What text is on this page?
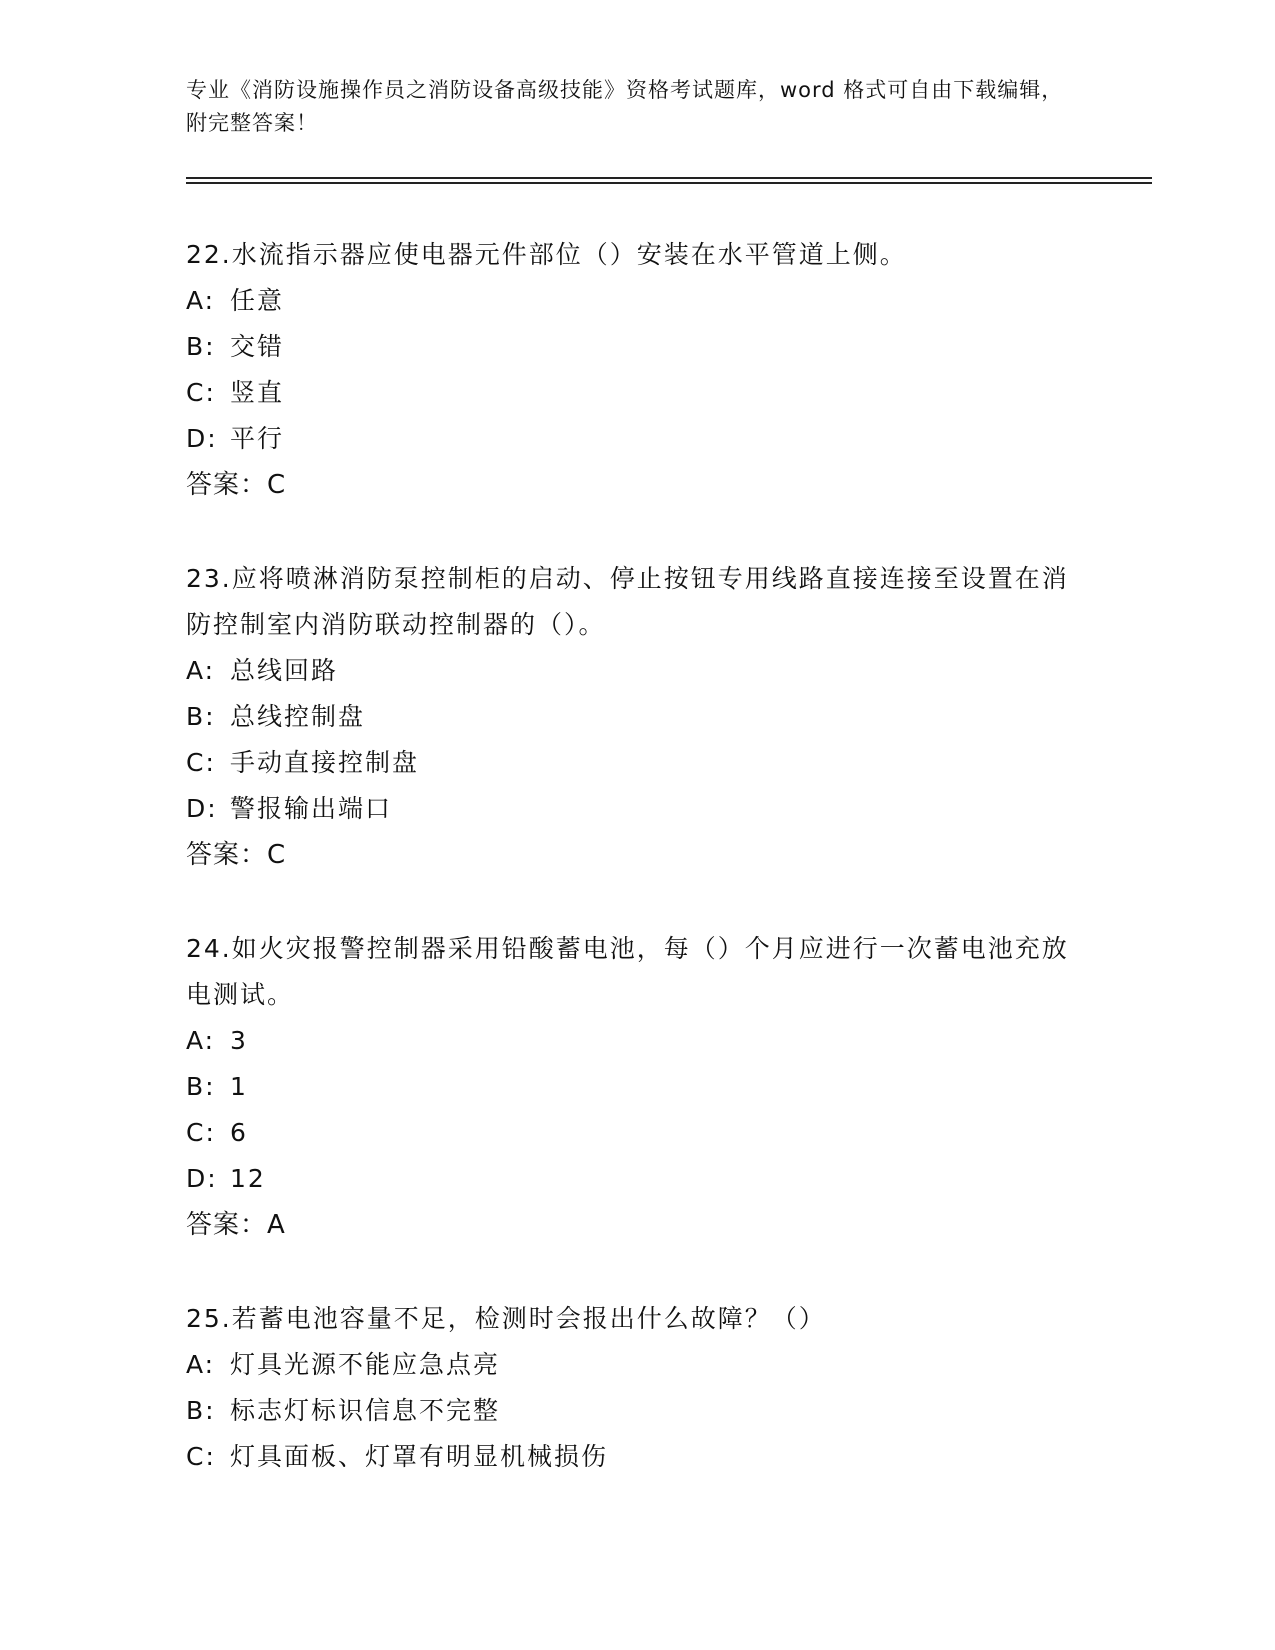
专业《消防设施操作员之消防设备高级技能》资格考试题库，word 格式可自由下载编辑，附完整答案！

22.水流指示器应使电器元件部位（）安装在水平管道上侧。

A: 任意

B: 交错

C: 竖直

D: 平行

答案：C

23.应将喷淋消防泵控制柜的启动、停止按钮专用线路直接连接至设置在消防控制室内消防联动控制器的（）。

A: 总线回路

B: 总线控制盘

C: 手动直接控制盘

D: 警报输出端口

答案：C

24.如火灾报警控制器采用铅酸蓄电池，每（）个月应进行一次蓄电池充放电测试。

A: 3

B: 1

C: 6

D: 12

答案：A

25.若蓄电池容量不足，检测时会报出什么故障？（）

A: 灯具光源不能应急点亮

B: 标志灯标识信息不完整

C: 灯具面板、灯罩有明显机械损伤
